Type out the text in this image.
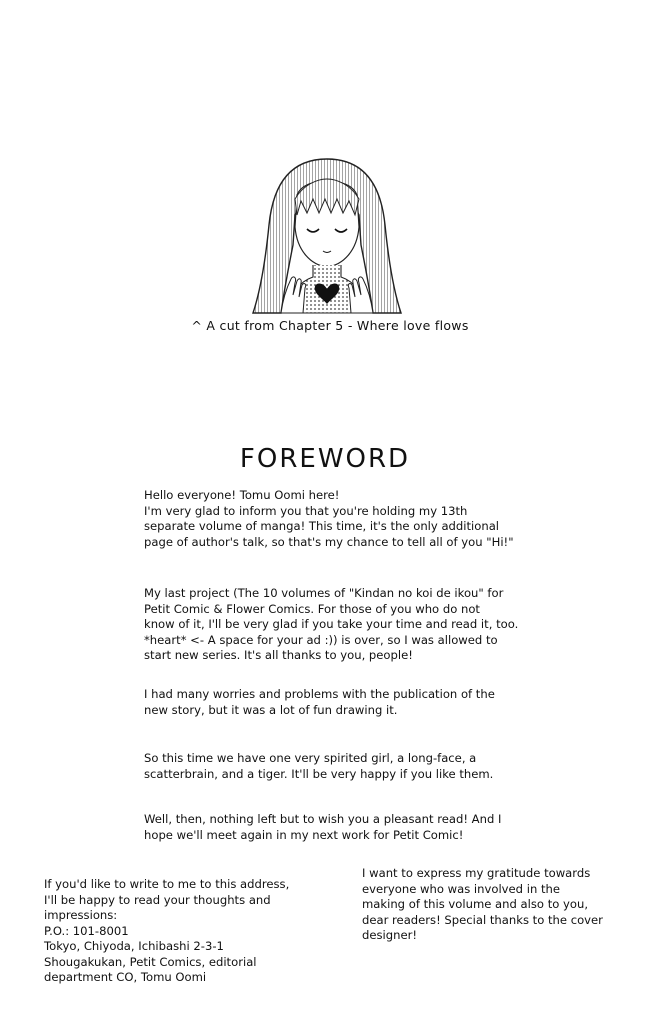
^ A cut from Chapter 5 - Where love flows
FOREWORD
Hello everyone! Tomu Oomi here!
I'm very glad to inform you that you're holding my 13th
separate volume of manga! This time, it's the only additional
page of author's talk, so that's my chance to tell all of you "Hi!"
My last project (The 10 volumes of "Kindan no koi de ikou" for
Petit Comic & Flower Comics. For those of you who do not
know of it, I'll be very glad if you take your time and read it, too.
*heart* <- A space for your ad :)) is over, so I was allowed to
start new series. It's all thanks to you, people!
I had many worries and problems with the publication of the
new story, but it was a lot of fun drawing it.
So this time we have one very spirited girl, a long-face, a
scatterbrain, and a tiger. It'll be very happy if you like them.
Well, then, nothing left but to wish you a pleasant read! And I
hope we'll meet again in my next work for Petit Comic!
If you'd like to write to me to this address,
I'll be happy to read your thoughts and
impressions:
P.O.: 101-8001
Tokyo, Chiyoda, Ichibashi 2-3-1
Shougakukan, Petit Comics, editorial
department CO, Tomu Oomi
I want to express my gratitude towards
everyone who was involved in the
making of this volume and also to you,
dear readers! Special thanks to the cover
designer!
